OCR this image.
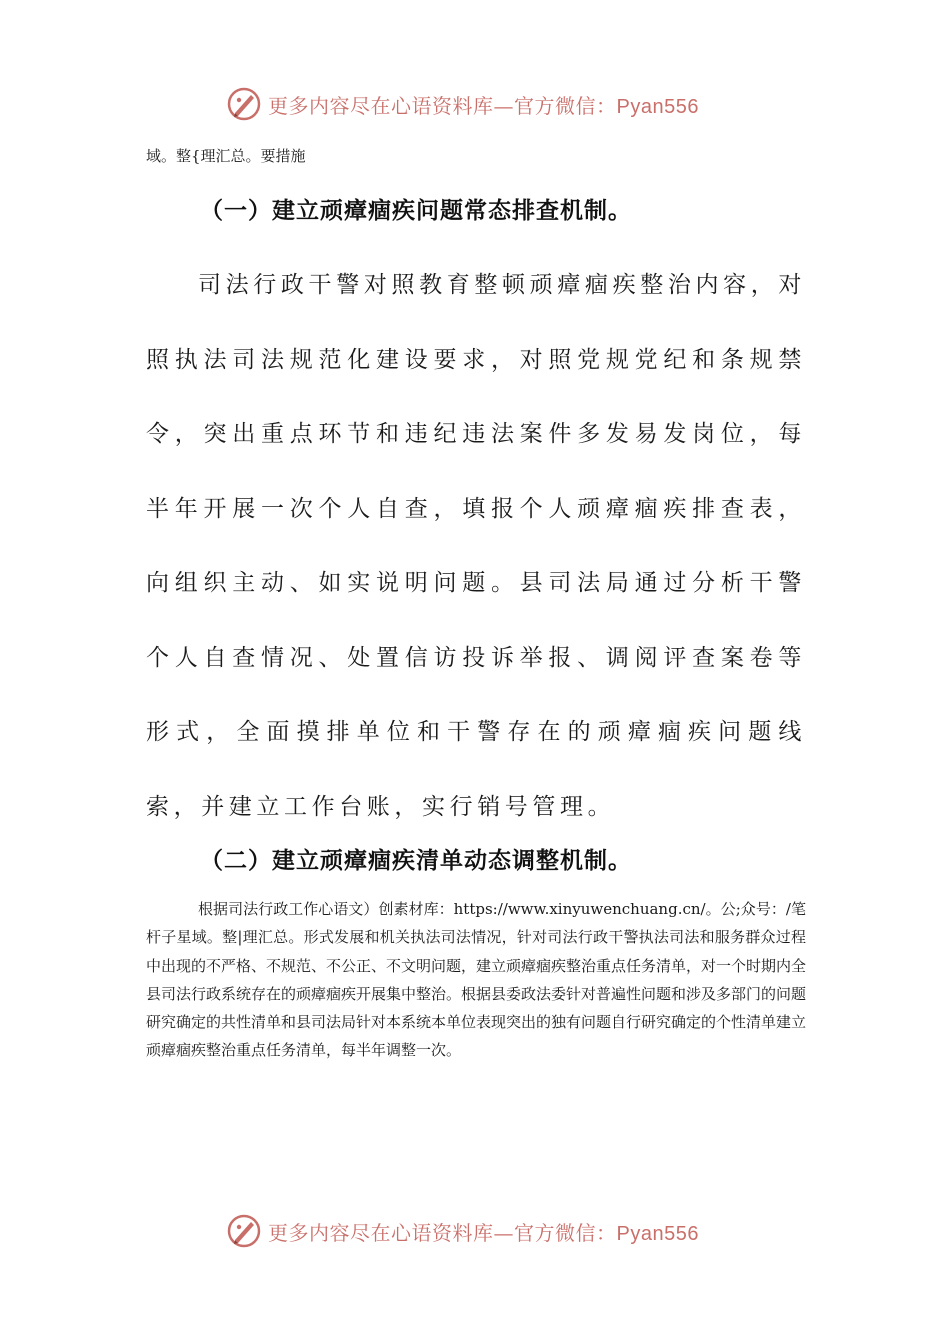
更多内容尽在心语资料库—官方微信：Pyan556
域。整{理汇总。要措施
（一）建立顽瘴痼疾问题常态排查机制。

司法行政干警对照教育整顿顽瘴痼疾整治内容，对照执法司法规范化建设要求，对照党规党纪和条规禁令，突出重点环节和违纪违法案件多发易发岗位，每半年开展一次个人自查，填报个人顽瘴痼疾排查表，向组织主动、如实说明问题。县司法局通过分析干警个人自查情况、处置信访投诉举报、调阅评查案卷等形式，全面摸排单位和干警存在的顽瘴痼疾问题线索，并建立工作台账，实行销号管理。

（二）建立顽瘴痼疾清单动态调整机制。

根据司法行政工作心语文）创素材库：https://www.xinyuwenchuang.cn/。公;众号：/笔杆子星域。整|理汇总。形式发展和机关执法司法情况，针对司法行政干警执法司法和服务群众过程中出现的不严格、不规范、不公正、不文明问题，建立顽瘴痼疾整治重点任务清单，对一个时期内全县司法行政系统存在的顽瘴痼疾开展集中整治。根据县委政法委针对普遍性问题和涉及多部门的问题研究确定的共性清单和县司法局针对本系统本单位表现突出的独有问题自行研究确定的个性清单建立顽瘴痼疾整治重点任务清单，每半年调整一次。

更多内容尽在心语资料库—官方微信：Pyan556
